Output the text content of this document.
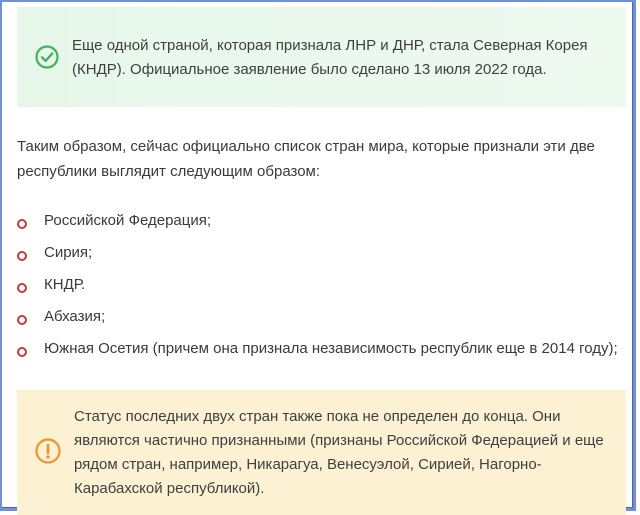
Еще одной страной, которая признала ЛНР и ДНР, стала Северная Корея (КНДР). Официальное заявление было сделано 13 июля 2022 года.
Таким образом, сейчас официально список стран мира, которые признали эти две республики выглядит следующим образом:
Российской Федерация;
Сирия;
КНДР.
Абхазия;
Южная Осетия (причем она признала независимость республик еще в 2014 году);
Статус последних двух стран также пока не определен до конца. Они являются частично признанными (признаны Российской Федерацией и еще рядом стран, например, Никарагуа, Венесуэлой, Сирией, Нагорно-Карабахской республикой).
